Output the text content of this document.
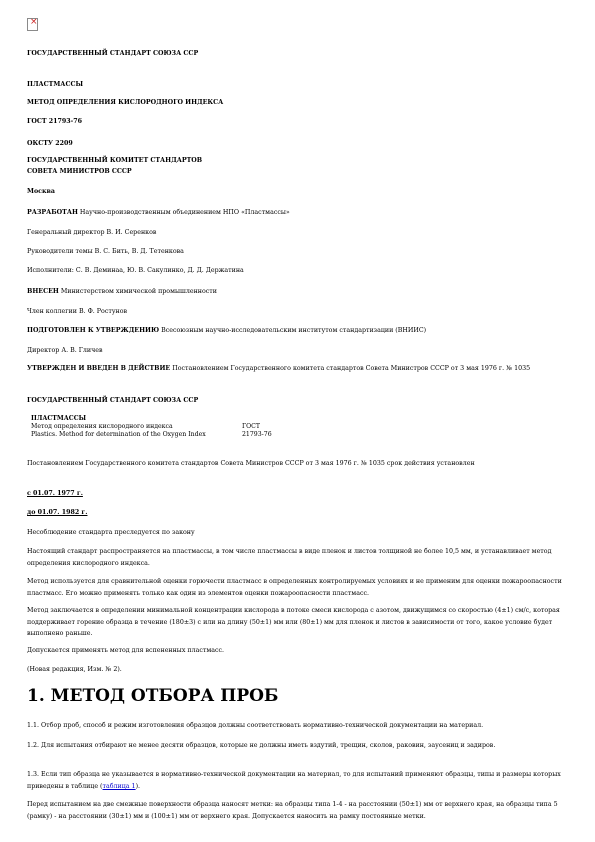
×

ГОСУДАРСТВЕННЫЙ СТАНДАРТ СОЮЗА ССР

ПЛАСТМАССЫ

МЕТОД ОПРЕДЕЛЕНИЯ КИСЛОРОДНОГО ИНДЕКСА

ГОСТ 21793-76

ОКСТУ 2209

ГОСУДАРСТВЕННЫЙ КОМИТЕТ СТАНДАРТОВ

СОВЕТА МИНИСТРОВ СССР

Москва

РАЗРАБОТАН Научно-производственным объединением НПО «Пластмассы»

Генеральный директор В. И. Серенков

Руководители темы В. С. Бить, В. Д. Тетенкова

Исполнители: С. В. Деминаа, Ю. В. Сакулинко, Д. Д. Держатина

ВНЕСЕН Министерством химической промышленности

Член коллегии В. Ф. Ростунов

ПОДГОТОВЛЕН К УТВЕРЖДЕНИЮ Всесоюзным научно-исследовательским институтом стандартизации (ВНИИС)

Директор А. В. Гличев

УТВЕРЖДЕН И ВВЕДЕН В ДЕЙСТВИЕ Постановлением Государственного комитета стандартов Совета Министров СССР от 3 мая 1976 г. № 1035

ГОСУДАРСТВЕННЫЙ СТАНДАРТ СОЮЗА ССР

ПЛАСТМАССЫ
Метод определения кислородного индекса
Plastics. Method for determination of the Oxygen Index
ГОСТ
21793-76

Постановлением Государственного комитета стандартов Совета Министров СССР от 3 мая 1976 г. № 1035 срок действия установлен

с 01.07. 1977 г.

до 01.07. 1982 г.

Несоблюдение стандарта преследуется по закону

Настоящий стандарт распространяется на пластмассы, в том числе пластмассы в виде пленок и листов толщиной не более 10,5 мм, и устанавливает метод определения кислородного индекса.

Метод используется для сравнительной оценки горючести пластмасс в определенных контролируемых условиях и не применим для оценки пожароопасности пластмасс. Его можно применять только как один из элементов оценки пожароопасности пластмасс.

Метод заключается в определении минимальной концентрации кислорода в потоке смеси кислорода с азотом, движущимся со скоростью (4±1) см/с, которая поддерживает горение образца в течение (180±3) с или на длину (50±1) мм или (80±1) мм для пленок и листов в зависимости от того, какое условие будет выполнено раньше.

Допускается применять метод для вспененных пластмасс.

(Новая редакция, Изм. № 2).

1. МЕТОД ОТБОРА ПРОБ

1.1. Отбор проб, способ и режим изготовления образцов должны соответствовать нормативно-технической документации на материал.

1.2. Для испытания отбирают не менее десяти образцов, которые не должны иметь вздутий, трещин, сколов, раковин, заусениц и задиров.

1.3. Если тип образца не указывается в нормативно-технической документации на материал, то для испытаний применяют образцы, типы и размеры которых приведены в таблице (таблица 1).

Перед испытанием на две смежные поверхности образца наносят метки: на образцы типа 1-4 - на расстоянии (50±1) мм от верхнего края, на образцы типа 5 (рамку) - на расстоянии (30±1) мм и (100±1) мм от верхнего края. Допускается наносить на рамку постоянные метки.
